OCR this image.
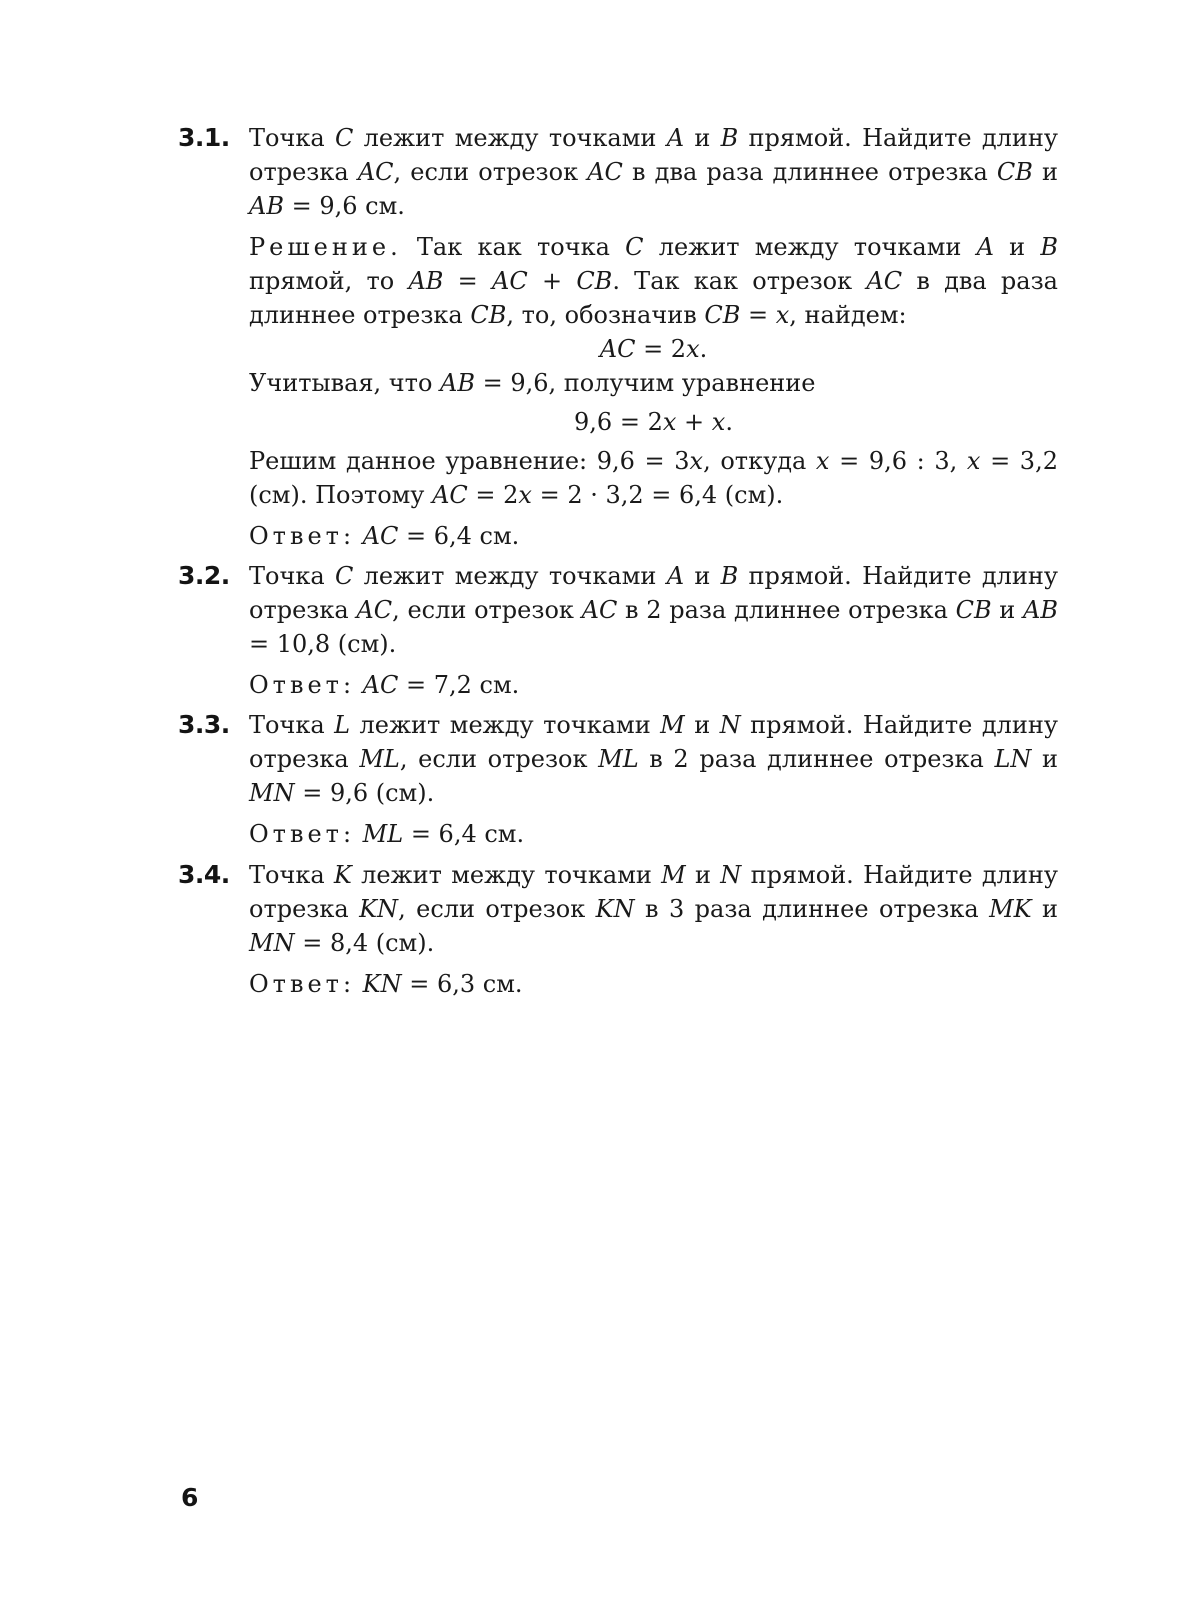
3.1. Точка C лежит между точками A и B прямой. Найдите длину отрезка AC, если отрезок AC в два раза длиннее отрезка CB и AB = 9,6 см.

Решение. Так как точка C лежит между точками A и B прямой, то AB = AC + CB. Так как отрезок AC в два раза длиннее отрезка CB, то, обозначив CB = x, найдем:

AC = 2x.

Учитывая, что AB = 9,6, получим уравнение

9,6 = 2x + x.

Решим данное уравнение: 9,6 = 3x, откуда x = 9,6 : 3, x = 3,2 (см). Поэтому AC = 2x = 2 · 3,2 = 6,4 (см).

Ответ: AC = 6,4 см.

3.2. Точка C лежит между точками A и B прямой. Найдите длину отрезка AC, если отрезок AC в 2 раза длиннее отрезка CB и AB = 10,8 (см).

Ответ: AC = 7,2 см.

3.3. Точка L лежит между точками M и N прямой. Найдите длину отрезка ML, если отрезок ML в 2 раза длиннее отрезка LN и MN = 9,6 (см).

Ответ: ML = 6,4 см.

3.4. Точка K лежит между точками M и N прямой. Найдите длину отрезка KN, если отрезок KN в 3 раза длиннее отрезка MK и MN = 8,4 (см).

Ответ: KN = 6,3 см.

6
